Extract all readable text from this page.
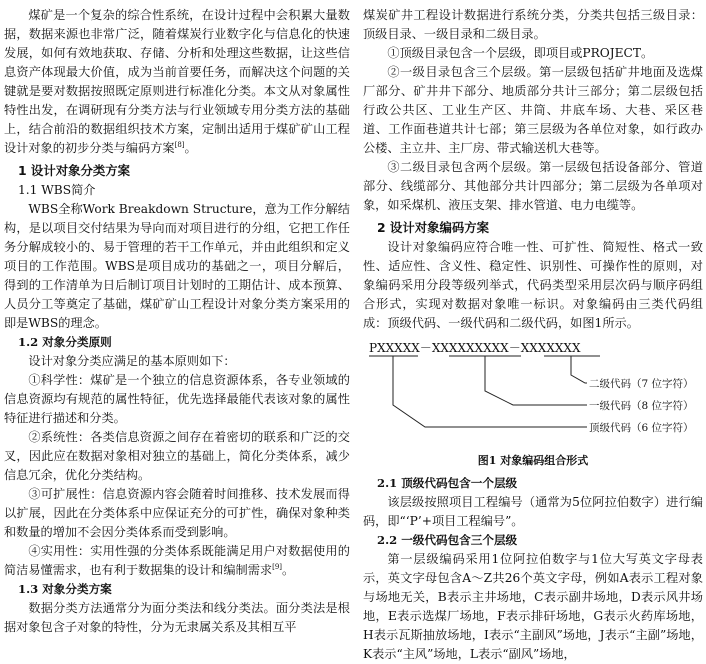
煤矿是一个复杂的综合性系统，在设计过程中会积累大量数据，数据来源也非常广泛，随着煤炭行业数字化与信息化的快速发展，如何有效地获取、存储、分析和处理这些数据，让这些信息资产体现最大价值，成为当前首要任务，而解决这个问题的关键就是要对数据按照既定原则进行标准化分类。本文从对象属性特性出发，在调研现有分类方法与行业领域专用分类方法的基础上，结合前沿的数据组织技术方案，定制出适用于煤矿矿山工程设计对象的初步分类与编码方案[8]。

1 设计对象分类方案

1.1 WBS简介

WBS全称Work Breakdown Structure，意为工作分解结构，是以项目交付结果为导向而对项目进行的分组，它把工作任务分解成较小的、易于管理的若干工作单元，并由此组织和定义项目的工作范围。WBS是项目成功的基础之一，项目分解后，得到的工作清单为日后制订项目计划时的工期估计、成本预算、人员分工等奠定了基础，煤矿矿山工程设计对象分类方案采用的即是WBS的理念。

1.2 对象分类原则

设计对象分类应满足的基本原则如下：

①科学性：煤矿是一个独立的信息资源体系，各专业领域的信息资源均有规范的属性特征，优先选择最能代表该对象的属性特征进行描述和分类。

②系统性：各类信息资源之间存在着密切的联系和广泛的交叉，因此应在数据对象相对独立的基础上，简化分类体系，减少信息冗余，优化分类结构。

③可扩展性：信息资源内容会随着时间推移、技术发展而得以扩展，因此在分类体系中应保证充分的可扩性，确保对象种类和数量的增加不会因分类体系而受到影响。

④实用性：实用性强的分类体系既能满足用户对数据使用的简洁易懂需求，也有利于数据集的设计和编制需求[9]。

1.3 对象分类方案

数据分类方法通常分为面分类法和线分类法。面分类法是根据对象包含子对象的特性，分为无隶属关系及其相互平

煤炭矿井工程设计数据进行系统分类，分类共包括三级目录：顶级目录、一级目录和二级目录。

①顶级目录包含一个层级，即项目或PROJECT。

②一级目录包含三个层级。第一层级包括矿井地面及选煤厂部分、矿井井下部分、地质部分共计三部分；第二层级包括行政公共区、工业生产区、井筒、井底车场、大巷、采区巷道、工作面巷道共计七部；第三层级为各单位对象，如行政办公楼、主立井、主厂房、带式输送机大巷等。

③二级目录包含两个层级。第一层级包括设备部分、管道部分、线缆部分、其他部分共计四部分；第二层级为各单项对象，如采煤机、液压支架、排水管道、电力电缆等。

2 设计对象编码方案

设计对象编码应符合唯一性、可扩性、简短性、格式一致性、适应性、含义性、稳定性、识别性、可操作性的原则，对象编码采用分段等级列举式，代码类型采用层次码与顺序码组合形式，实现对数据对象唯一标识。对象编码由三类代码组成：顶级代码、一级代码和二级代码，如图1所示。

PXXXXX－XXXXXXXXX－XXXXXXX
二级代码（7 位字符）
一级代码（8 位字符）
顶级代码（6 位字符）

图1 对象编码组合形式

2.1 顶级代码包含一个层级

该层级按照项目工程编号（通常为5位阿拉伯数字）进行编码，即“‘P’+项目工程编号”。

2.2 一级代码包含三个层级

第一层级编码采用1位阿拉伯数字与1位大写英文字母表示，英文字母包含A～Z共26个英文字母，例如A表示工程对象与场地无关，B表示主井场地，C表示副井场地，D表示风井场地，E表示选煤厂场地，F表示排矸场地，G表示火药库场地，H表示瓦斯抽放场地，I表示“主副风”场地，J表示“主副”场地，K表示“主风”场地，L表示“副风”场地，
